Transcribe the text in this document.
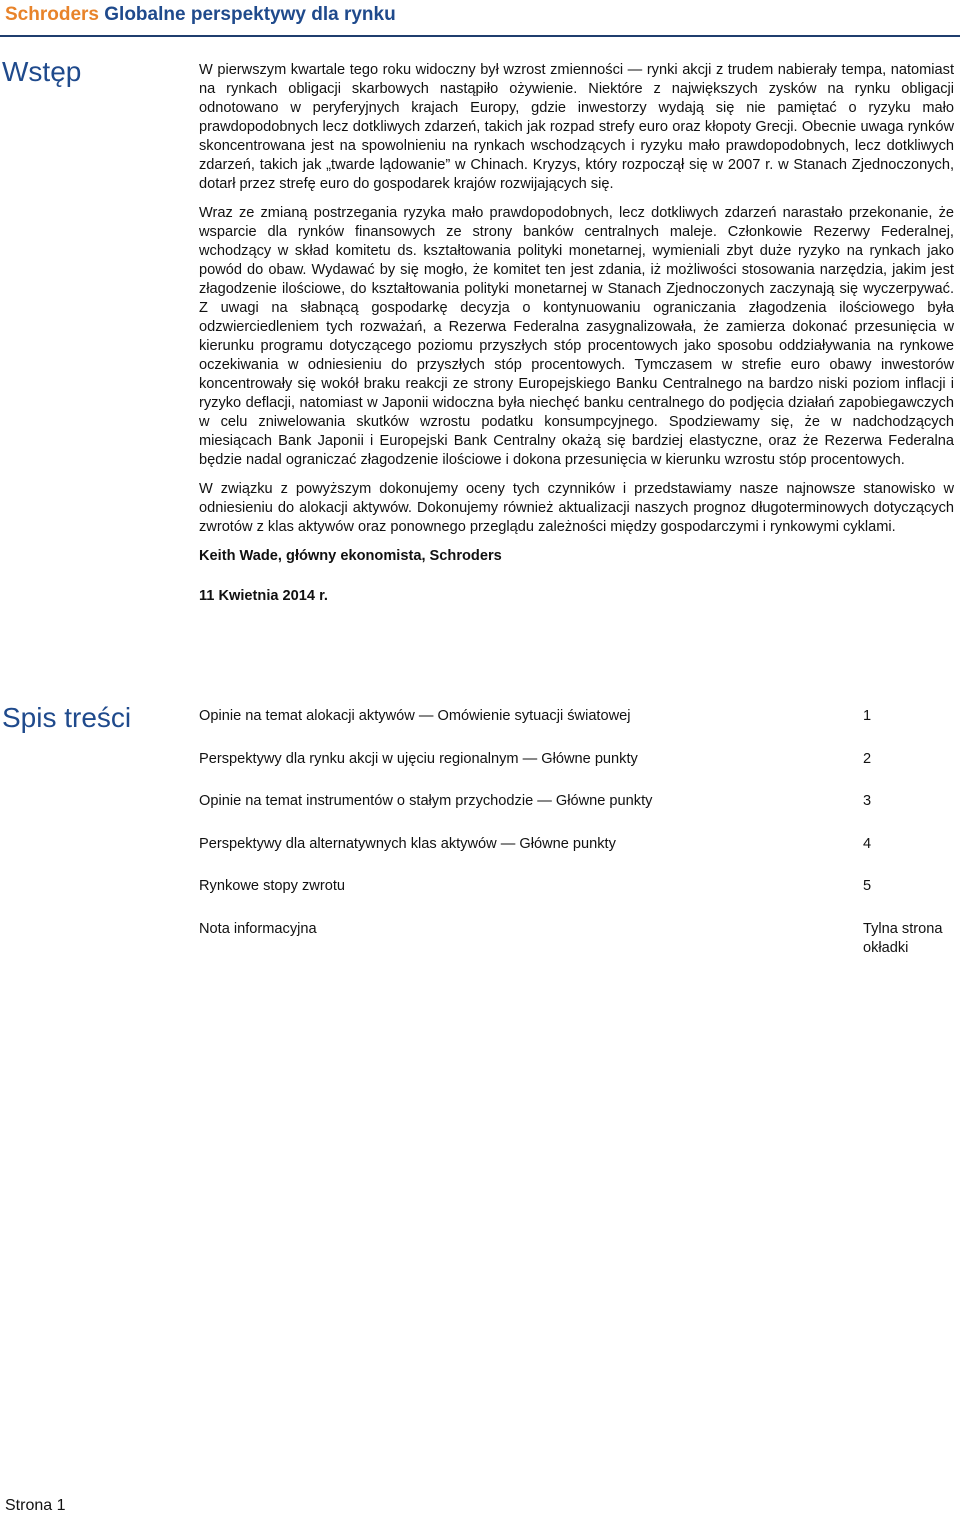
Schroders Globalne perspektywy dla rynku
Wstęp	W pierwszym kwartale tego roku widoczny był wzrost zmienności — rynki akcji z trudem nabierały tempa, natomiast na rynkach obligacji skarbowych nastąpiło ożywienie. Niektóre z największych zysków na rynku obligacji odnotowano w peryferyjnych krajach Europy, gdzie inwestorzy wydają się nie pamiętać o ryzyku mało prawdopodobnych lecz dotkliwych zdarzeń, takich jak rozpad strefy euro oraz kłopoty Grecji. Obecnie uwaga rynków skoncentrowana jest na spowolnieniu na rynkach wschodzących i ryzyku mało prawdopodobnych, lecz dotkliwych zdarzeń, takich jak „twarde lądowanie” w Chinach. Kryzys, który rozpoczął się w 2007 r. w Stanach Zjednoczonych, dotarł przez strefę euro do gospodarek krajów rozwijających się.

Wraz ze zmianą postrzegania ryzyka mało prawdopodobnych, lecz dotkliwych zdarzeń narastało przekonanie, że wsparcie dla rynków finansowych ze strony banków centralnych maleje. Członkowie Rezerwy Federalnej, wchodzący w skład komitetu ds. kształtowania polityki monetarnej, wymieniali zbyt duże ryzyko na rynkach jako powód do obaw. Wydawać by się mogło, że komitet ten jest zdania, iż możliwości stosowania narzędzia, jakim jest złagodzenie ilościowe, do kształtowania polityki monetarnej w Stanach Zjednoczonych zaczynają się wyczerpywać. Z uwagi na słabnącą gospodarkę decyzja o kontynuowaniu ograniczania złagodzenia ilościowego była odzwierciedleniem tych rozważań, a Rezerwa Federalna zasygnalizowała, że zamierza dokonać przesunięcia w kierunku programu dotyczącego poziomu przyszłych stóp procentowych jako sposobu oddziaływania na rynkowe oczekiwania w odniesieniu do przyszłych stóp procentowych. Tymczasem w strefie euro obawy inwestorów koncentrowały się wokół braku reakcji ze strony Europejskiego Banku Centralnego na bardzo niski poziom inflacji i ryzyko deflacji, natomiast w Japonii widoczna była niechęć banku centralnego do podjęcia działań zapobiegawczych w celu zniwelowania skutków wzrostu podatku konsumpcyjnego. Spodziewamy się, że w nadchodzących miesiącach Bank Japonii i Europejski Bank Centralny okażą się bardziej elastyczne, oraz że Rezerwa Federalna będzie nadal ograniczać złagodzenie ilościowe i dokona przesunięcia w kierunku wzrostu stóp procentowych.

W związku z powyższym dokonujemy oceny tych czynników i przedstawiamy nasze najnowsze stanowisko w odniesieniu do alokacji aktywów. Dokonujemy również aktualizacji naszych prognoz długoterminowych dotyczących zwrotów z klas aktywów oraz ponownego przeglądu zależności między gospodarczymi i rynkowymi cyklami.

Keith Wade, główny ekonomista, Schroders

11 Kwietnia 2014 r.

Spis treści	Opinie na temat alokacji aktywów — Omówienie sytuacji światowej	1
Perspektywy dla rynku akcji w ujęciu regionalnym — Główne punkty	2
Opinie na temat instrumentów o stałym przychodzie — Główne punkty	3
Perspektywy dla alternatywnych klas aktywów — Główne punkty	4
Rynkowe stopy zwrotu	5
Nota informacyjna	Tylna strona okładki
Strona 1
